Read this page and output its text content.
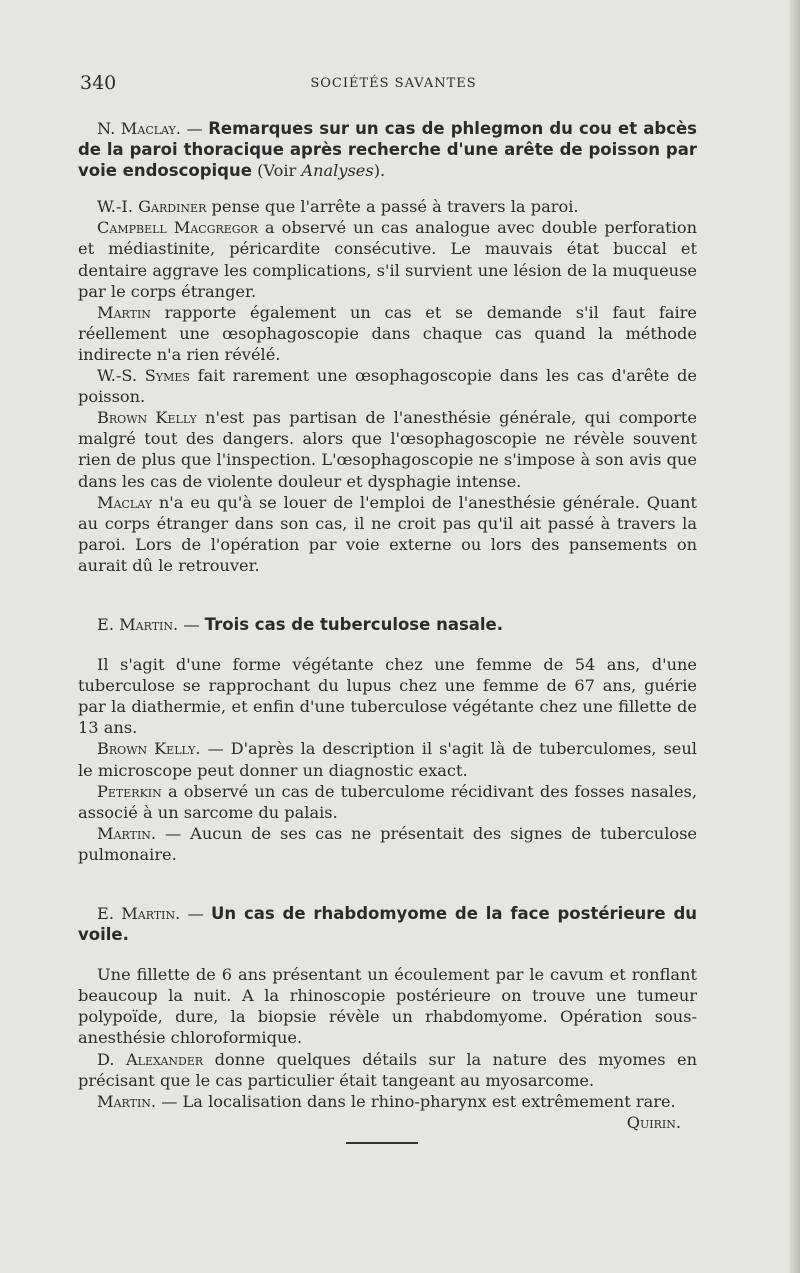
340	SOCIÉTÉS SAVANTES

N. Maclay. — Remarques sur un cas de phlegmon du cou et abcès de la paroi thoracique après recherche d'une arête de poisson par voie endoscopique (Voir Analyses).

W.-I. Gardiner pense que l'arrête a passé à travers la paroi.

Campbell Macgregor a observé un cas analogue avec double perforation et médiastinite, péricardite consécutive. Le mauvais état buccal et dentaire aggrave les complications, s'il survient une lésion de la muqueuse par le corps étranger.

Martin rapporte également un cas et se demande s'il faut faire réellement une œsophagoscopie dans chaque cas quand la méthode indirecte n'a rien révélé.

W.-S. Symes fait rarement une œsophagoscopie dans les cas d'arête de poisson.

Brown Kelly n'est pas partisan de l'anesthésie générale, qui comporte malgré tout des dangers. alors que l'œsophagoscopie ne révèle souvent rien de plus que l'inspection. L'œsophagoscopie ne s'impose à son avis que dans les cas de violente douleur et dysphagie intense.

Maclay n'a eu qu'à se louer de l'emploi de l'anesthésie générale. Quant au corps étranger dans son cas, il ne croit pas qu'il ait passé à travers la paroi. Lors de l'opération par voie externe ou lors des pansements on aurait dû le retrouver.

E. Martin. — Trois cas de tuberculose nasale.

Il s'agit d'une forme végétante chez une femme de 54 ans, d'une tuberculose se rapprochant du lupus chez une femme de 67 ans, guérie par la diathermie, et enfin d'une tuberculose végétante chez une fillette de 13 ans.

Brown Kelly. — D'après la description il s'agit là de tuberculomes, seul le microscope peut donner un diagnostic exact.

Peterkin a observé un cas de tuberculome récidivant des fosses nasales, associé à un sarcome du palais.

Martin. — Aucun de ses cas ne présentait des signes de tuberculose pulmonaire.

E. Martin. — Un cas de rhabdomyome de la face postérieure du voile.

Une fillette de 6 ans présentant un écoulement par le cavum et ronflant beaucoup la nuit. A la rhinoscopie postérieure on trouve une tumeur polypoïde, dure, la biopsie révèle un rhabdomyome. Opération sous-anesthésie chloroformique.

D. Alexander donne quelques détails sur la nature des myomes en précisant que le cas particulier était tangeant au myosarcome.

Martin. — La localisation dans le rhino-pharynx est extrêmement rare.
Quirin.
